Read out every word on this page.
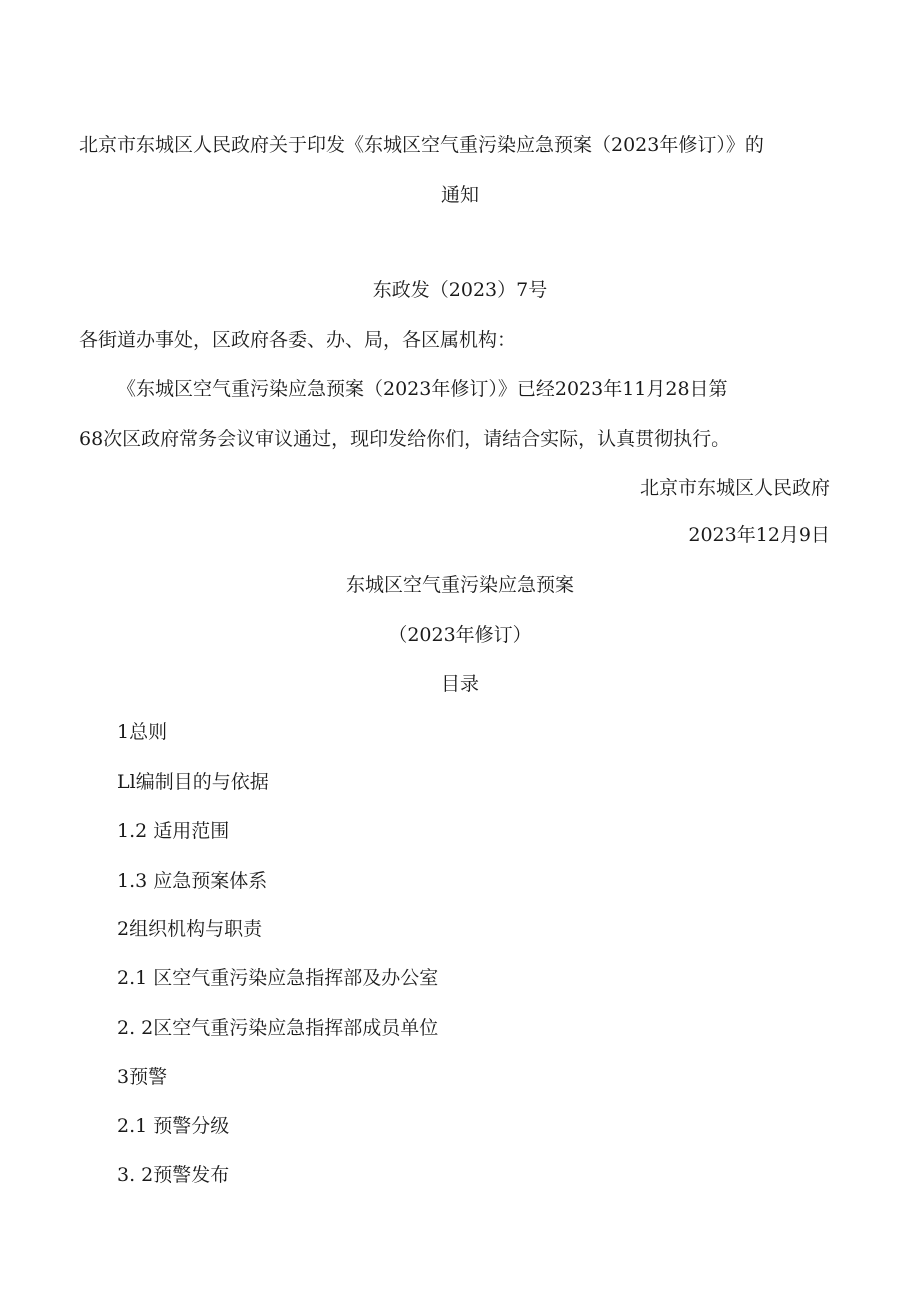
北京市东城区人民政府关于印发《东城区空气重污染应急预案（2023年修订）》的
通知
东政发（2023）7号
各街道办事处，区政府各委、办、局，各区属机构：
《东城区空气重污染应急预案（2023年修订）》已经2023年11月28日第
68次区政府常务会议审议通过，现印发给你们，请结合实际，认真贯彻执行。
北京市东城区人民政府
2023年12月9日
东城区空气重污染应急预案
（2023年修订）
目录
1总则
Ll编制目的与依据
1.2 适用范围
1.3 应急预案体系
2组织机构与职责
2.1 区空气重污染应急指挥部及办公室
2. 2区空气重污染应急指挥部成员单位
3预警
2.1 预警分级
3. 2预警发布
